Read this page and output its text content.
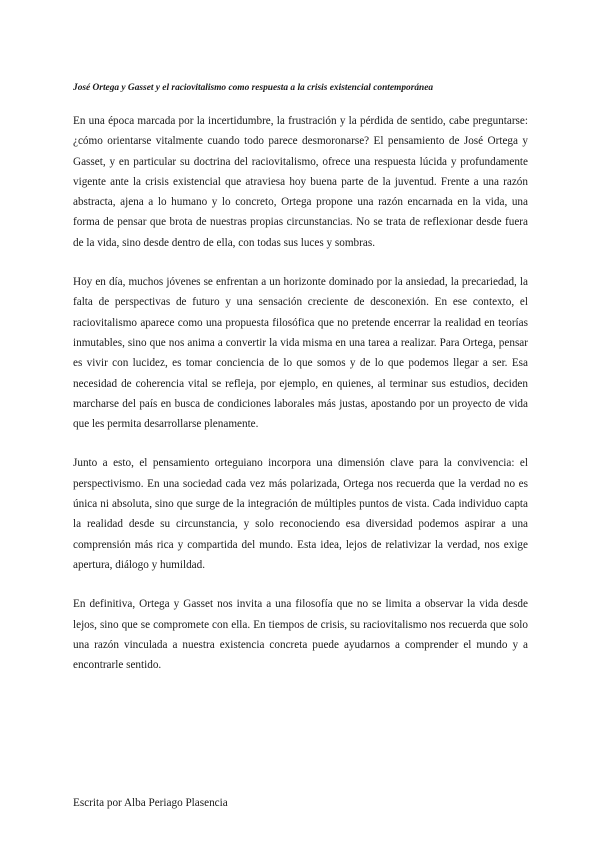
José Ortega y Gasset y el raciovitalismo como respuesta a la crisis existencial contemporánea

En una época marcada por la incertidumbre, la frustración y la pérdida de sentido, cabe preguntarse: ¿cómo orientarse vitalmente cuando todo parece desmoronarse? El pensamiento de José Ortega y Gasset, y en particular su doctrina del raciovitalismo, ofrece una respuesta lúcida y profundamente vigente ante la crisis existencial que atraviesa hoy buena parte de la juventud. Frente a una razón abstracta, ajena a lo humano y lo concreto, Ortega propone una razón encarnada en la vida, una forma de pensar que brota de nuestras propias circunstancias. No se trata de reflexionar desde fuera de la vida, sino desde dentro de ella, con todas sus luces y sombras.

Hoy en día, muchos jóvenes se enfrentan a un horizonte dominado por la ansiedad, la precariedad, la falta de perspectivas de futuro y una sensación creciente de desconexión. En ese contexto, el raciovitalismo aparece como una propuesta filosófica que no pretende encerrar la realidad en teorías inmutables, sino que nos anima a convertir la vida misma en una tarea a realizar. Para Ortega, pensar es vivir con lucidez, es tomar conciencia de lo que somos y de lo que podemos llegar a ser. Esa necesidad de coherencia vital se refleja, por ejemplo, en quienes, al terminar sus estudios, deciden marcharse del país en busca de condiciones laborales más justas, apostando por un proyecto de vida que les permita desarrollarse plenamente.

Junto a esto, el pensamiento orteguiano incorpora una dimensión clave para la convivencia: el perspectivismo. En una sociedad cada vez más polarizada, Ortega nos recuerda que la verdad no es única ni absoluta, sino que surge de la integración de múltiples puntos de vista. Cada individuo capta la realidad desde su circunstancia, y solo reconociendo esa diversidad podemos aspirar a una comprensión más rica y compartida del mundo. Esta idea, lejos de relativizar la verdad, nos exige apertura, diálogo y humildad.

En definitiva, Ortega y Gasset nos invita a una filosofía que no se limita a observar la vida desde lejos, sino que se compromete con ella. En tiempos de crisis, su raciovitalismo nos recuerda que solo una razón vinculada a nuestra existencia concreta puede ayudarnos a comprender el mundo y a encontrarle sentido.

Escrita por Alba Periago Plasencia
